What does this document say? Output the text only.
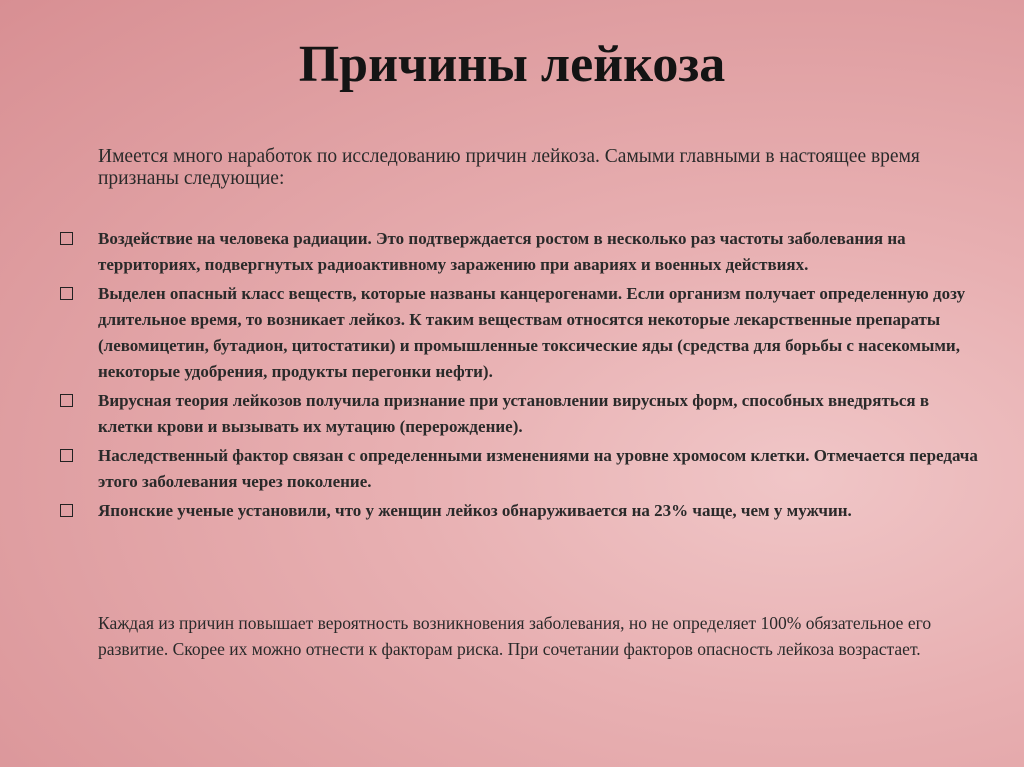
Причины лейкоза

Имеется много наработок по исследованию причин лейкоза. Самыми главными в настоящее время признаны следующие:

Воздействие на человека радиации. Это подтверждается ростом в несколько раз частоты заболевания на территориях, подвергнутых радиоактивному заражению при авариях и военных действиях.
Выделен опасный класс веществ, которые названы канцерогенами. Если организм получает определенную дозу длительное время, то возникает лейкоз. К таким веществам относятся некоторые лекарственные препараты (левомицетин, бутадион, цитостатики) и промышленные токсические яды (средства для борьбы с насекомыми, некоторые удобрения, продукты перегонки нефти).
Вирусная теория лейкозов получила признание при установлении вирусных форм, способных внедряться в клетки крови и вызывать их мутацию (перерождение).
Наследственный фактор связан с определенными изменениями на уровне хромосом клетки. Отмечается передача этого заболевания через поколение.
Японские ученые установили, что у женщин лейкоз обнаруживается на 23% чаще, чем у мужчин.

Каждая из причин повышает вероятность возникновения заболевания, но не определяет 100% обязательное его развитие. Скорее их можно отнести к факторам риска. При сочетании факторов опасность лейкоза возрастает.
